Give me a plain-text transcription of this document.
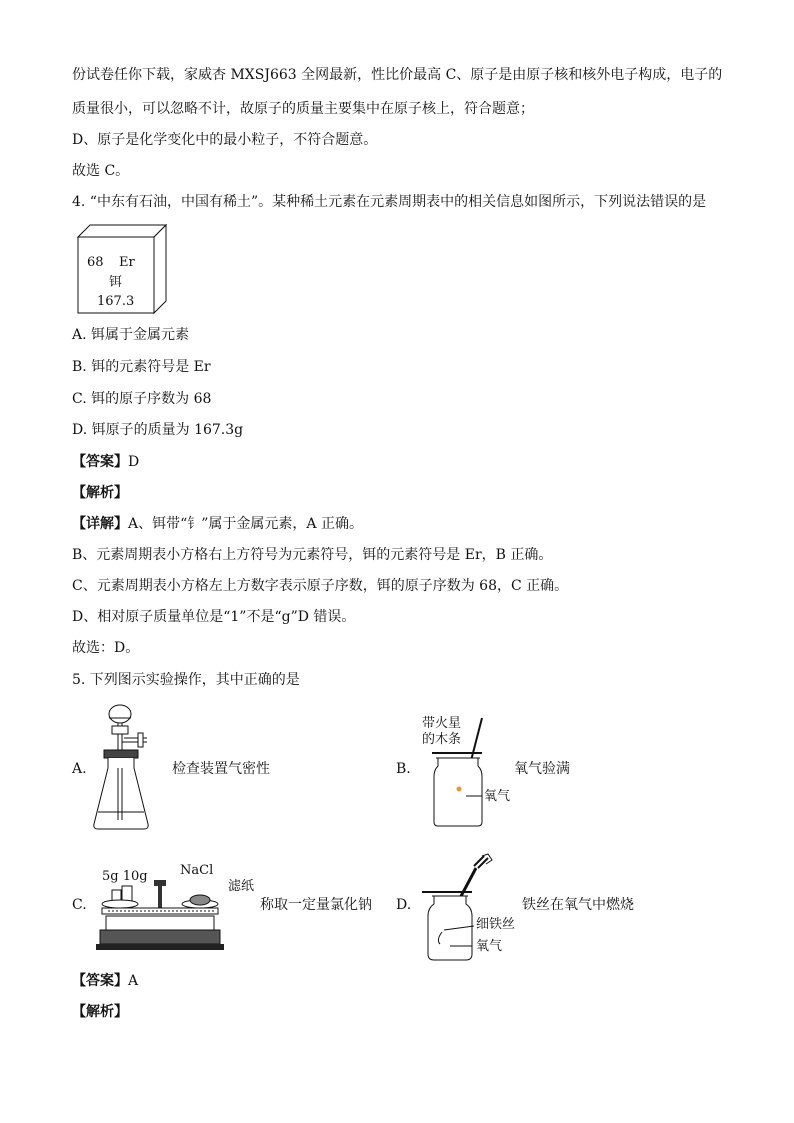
份试卷任你下载，家威杏 MXSJ663 全网最新，性比价最高 C、原子是由原子核和核外电子构成，电子的
质量很小，可以忽略不计，故原子的质量主要集中在原子核上，符合题意；
D、原子是化学变化中的最小粒子，不符合题意。
故选 C。
4. “中东有石油，中国有稀土”。某种稀土元素在元素周期表中的相关信息如图所示，下列说法错误的是
68 Er
铒
167.3
A. 铒属于金属元素
B. 铒的元素符号是 Er
C. 铒的原子序数为 68
D. 铒原子的质量为 167.3g
【答案】D
【解析】
【详解】A、铒带“钅”属于金属元素，A 正确。
B、元素周期表小方格右上方符号为元素符号，铒的元素符号是 Er，B 正确。
C、元素周期表小方格左上方数字表示原子序数，铒的原子序数为 68，C 正确。
D、相对原子质量单位是“1”不是“g”D 错误。
故选：D。
5. 下列图示实验操作，其中正确的是
A.	检查装置气密性	B.
带火星
的木条
氧气
氧气验满
C.
5g 10g NaCl
滤纸
称取一定量氯化钠 D.
细铁丝
氧气
铁丝在氧气中燃烧
【答案】A
【解析】
